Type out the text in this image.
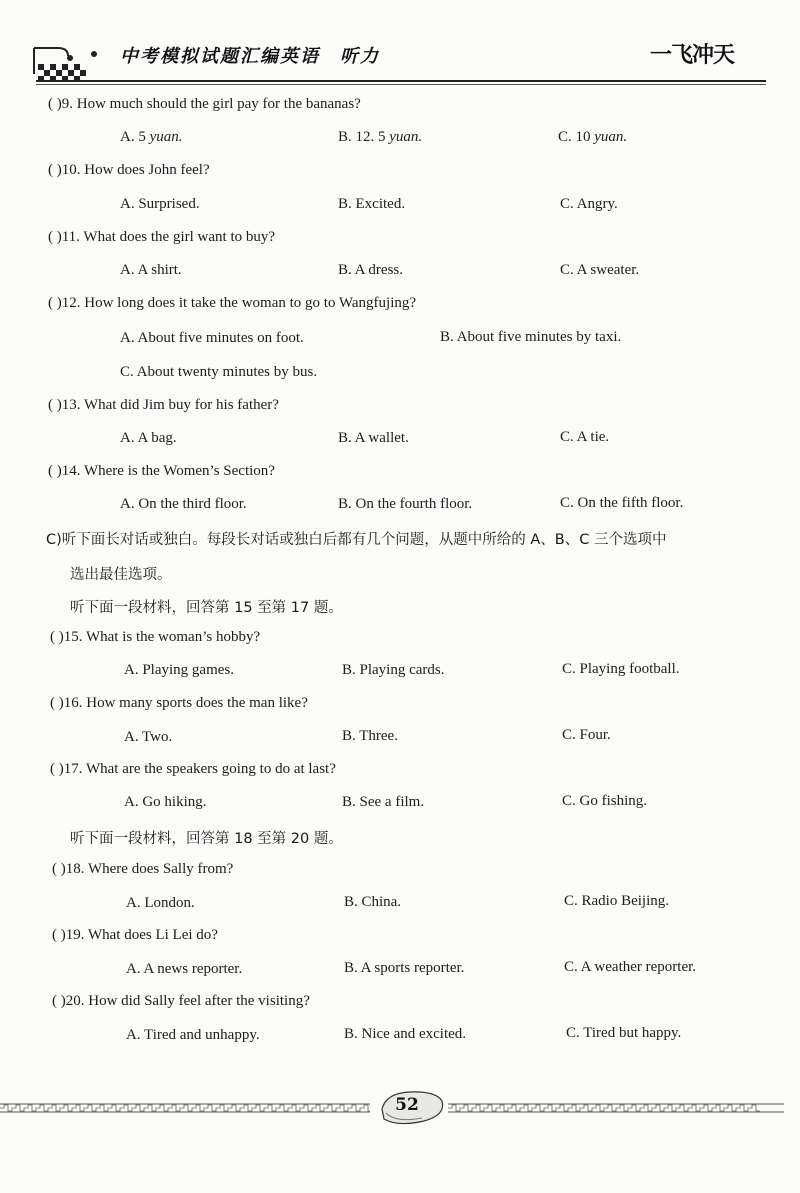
中考模拟试题汇编英语　听力	一飞冲天
( )9. How much should the girl pay for the bananas?
A. 5 yuan.	B. 12. 5 yuan.	C. 10 yuan.
( )10. How does John feel?
A. Surprised.	B. Excited.	C. Angry.
( )11. What does the girl want to buy?
A. A shirt.	B. A dress.	C. A sweater.
( )12. How long does it take the woman to go to Wangfujing?
A. About five minutes on foot.	B. About five minutes by taxi.
C. About twenty minutes by bus.
( )13. What did Jim buy for his father?
A. A bag.	B. A wallet.	C. A tie.
( )14. Where is the Women’s Section?
A. On the third floor.	B. On the fourth floor.	C. On the fifth floor.
C)听下面长对话或独白。每段长对话或独白后都有几个问题，从题中所给的 A、B、C 三个选项中
选出最佳选项。
听下面一段材料，回答第 15 至第 17 题。
( )15. What is the woman’s hobby?
A. Playing games.	B. Playing cards.	C. Playing football.
( )16. How many sports does the man like?
A. Two.	B. Three.	C. Four.
( )17. What are the speakers going to do at last?
A. Go hiking.	B. See a film.	C. Go fishing.
听下面一段材料，回答第 18 至第 20 题。
( )18. Where does Sally from?
A. London.	B. China.	C. Radio Beijing.
( )19. What does Li Lei do?
A. A news reporter.	B. A sports reporter.	C. A weather reporter.
( )20. How did Sally feel after the visiting?
A. Tired and unhappy.	B. Nice and excited.	C. Tired but happy.
52
